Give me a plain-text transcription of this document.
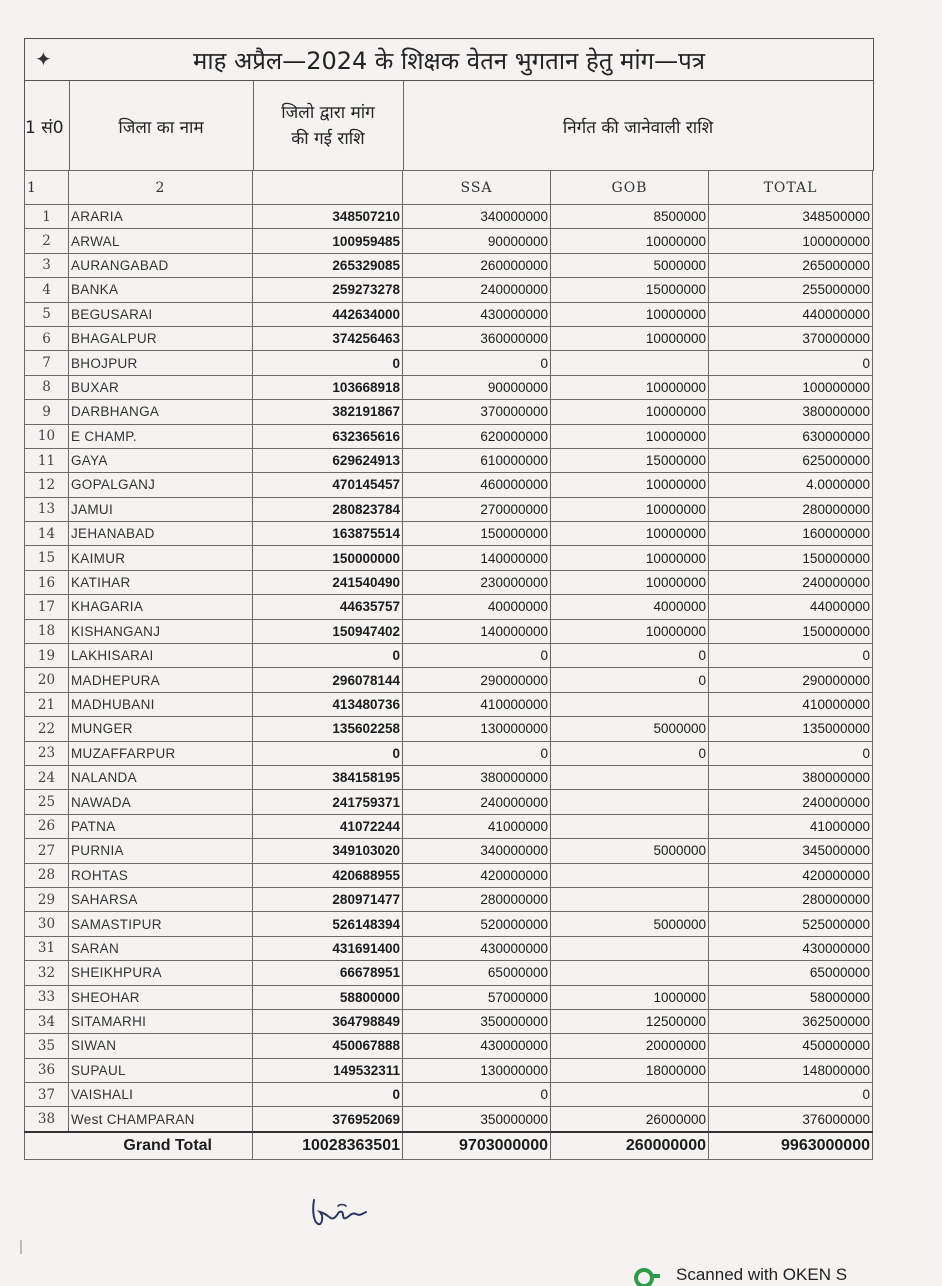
✦	माह अप्रैल—2024 के शिक्षक वेतन भुगतान हेतु मांग—पत्र
1 सं0	जिला का नाम
जिलो द्वारा मांग
की गई राशि
निर्गत की जानेवाली राशि
1	2		SSA	GOB	TOTAL
1	ARARIA	348507210	340000000	8500000	348500000
2	ARWAL	100959485	90000000	10000000	100000000
3	AURANGABAD	265329085	260000000	5000000	265000000
4	BANKA	259273278	240000000	15000000	255000000
5	BEGUSARAI	442634000	430000000	10000000	440000000
6	BHAGALPUR	374256463	360000000	10000000	370000000
7	BHOJPUR	0	0		0
8	BUXAR	103668918	90000000	10000000	100000000
9	DARBHANGA	382191867	370000000	10000000	380000000
10	E CHAMP.	632365616	620000000	10000000	630000000
11	GAYA	629624913	610000000	15000000	625000000
12	GOPALGANJ	470145457	460000000	10000000	4.0000000
13	JAMUI	280823784	270000000	10000000	280000000
14	JEHANABAD	163875514	150000000	10000000	160000000
15	KAIMUR	150000000	140000000	10000000	150000000
16	KATIHAR	241540490	230000000	10000000	240000000
17	KHAGARIA	44635757	40000000	4000000	44000000
18	KISHANGANJ	150947402	140000000	10000000	150000000
19	LAKHISARAI	0	0	0	0
20	MADHEPURA	296078144	290000000	0	290000000
21	MADHUBANI	413480736	410000000		410000000
22	MUNGER	135602258	130000000	5000000	135000000
23	MUZAFFARPUR	0	0	0	0
24	NALANDA	384158195	380000000		380000000
25	NAWADA	241759371	240000000		240000000
26	PATNA	41072244	41000000		41000000
27	PURNIA	349103020	340000000	5000000	345000000
28	ROHTAS	420688955	420000000		420000000
29	SAHARSA	280971477	280000000		280000000
30	SAMASTIPUR	526148394	520000000	5000000	525000000
31	SARAN	431691400	430000000		430000000
32	SHEIKHPURA	66678951	65000000		65000000
33	SHEOHAR	58800000	57000000	1000000	58000000
34	SITAMARHI	364798849	350000000	12500000	362500000
35	SIWAN	450067888	430000000	20000000	450000000
36	SUPAUL	149532311	130000000	18000000	148000000
37	VAISHALI	0	0		0
38	West CHAMPARAN	376952069	350000000	26000000	376000000
Grand Total		10028363501	9703000000	260000000	9963000000
Scanned with OKEN S
